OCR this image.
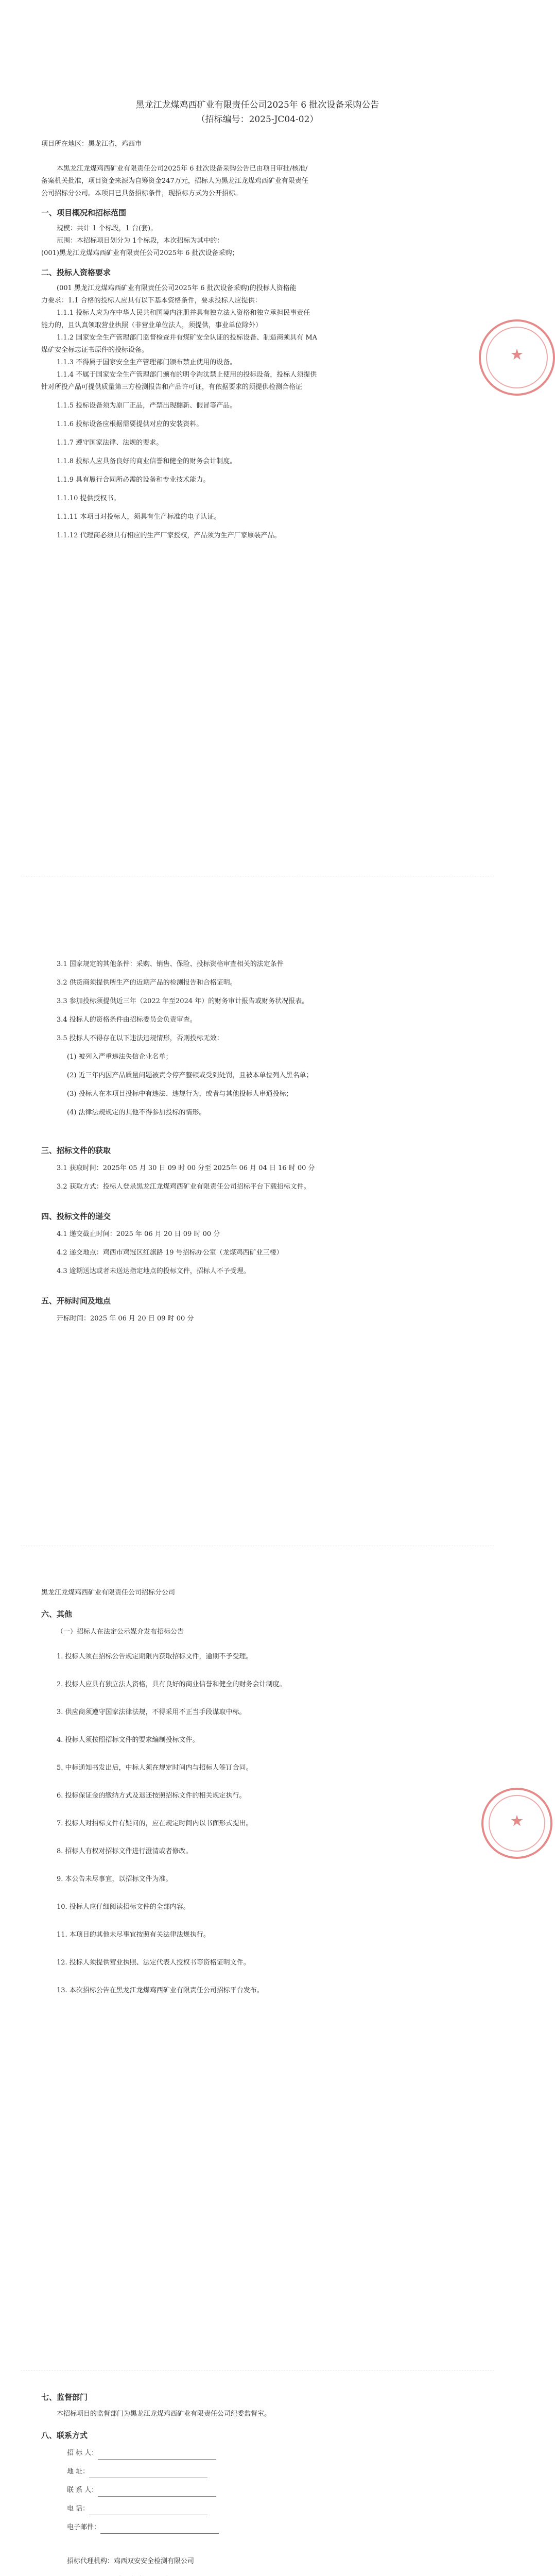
黑龙江龙煤鸡西矿业有限责任公司2025年 6 批次设备采购公告
（招标编号：2025-JC04-02）
项目所在地区：黑龙江省，鸡西市
本黑龙江龙煤鸡西矿业有限责任公司2025年 6 批次设备采购公告已由项目审批/核准/
备案机关批准，项目资金来源为自筹资金247万元，招标人为黑龙江龙煤鸡西矿业有限责任
公司招标分公司。本项目已具备招标条件，现招标方式为公开招标。
一、项目概况和招标范围
规模：共计 1 个标段，1 台(套)。
范围：本招标项目划分为 1个标段，本次招标为其中的：
(001)黑龙江龙煤鸡西矿业有限责任公司2025年 6 批次设备采购；
二、投标人资格要求
(001 黑龙江龙煤鸡西矿业有限责任公司2025年 6 批次设备采购)的投标人资格能
力要求：1.1 合格的投标人应具有以下基本资格条件，要求投标人应提供：
1.1.1 投标人应为在中华人民共和国境内注册并具有独立法人资格和独立承担民事责任
能力的，且认真领取营业执照（非营业单位法人，须提供，事业单位除外）
1.1.2 国家安全生产管理部门监督检查并有煤矿安全认证的投标设备、制造商须具有 MA
煤矿安全标志证书原件的投标设备。
1.1.3 不得属于国家安全生产管理部门颁布禁止使用的设备。
1.1.4 不属于国家安全生产管理部门颁布的明令淘汰禁止使用的投标设备，投标人须提供
针对所投产品可提供质量第三方检测报告和产品许可证，有依据要求的须提供检测合格证
1.1.5 投标设备须为原厂正品，严禁出现翻新、假冒等产品。
1.1.6 投标设备应根据需要提供对应的安装资料。
1.1.7 遵守国家法律、法规的要求。
1.1.8 投标人应具备良好的商业信誉和健全的财务会计制度。
1.1.9 具有履行合同所必需的设备和专业技术能力。
1.1.10 提供授权书。
1.1.11 本项目对投标人，须具有生产标准的电子认证。
1.1.12 代理商必须具有相应的生产厂家授权，产品须为生产厂家原装产品。
★
3.1 国家规定的其他条件：采购、销售、保险、投标资格审查相关的法定条件
3.2 供货商须提供所生产的近期产品的检测报告和合格证明。
3.3 参加投标须提供近三年（2022 年至2024 年）的财务审计报告或财务状况报表。
3.4 投标人的资格条件由招标委员会负责审查。
3.5 投标人不得存在以下违法违规情形，否则投标无效：
(1) 被列入严重违法失信企业名单；
(2) 近三年内因产品质量问题被责令停产整顿或受到处罚，且被本单位列入黑名单；
(3) 投标人在本项目投标中有违法、违规行为，或者与其他投标人串通投标；
(4) 法律法规规定的其他不得参加投标的情形。
三、招标文件的获取
3.1 获取时间：2025年 05 月 30 日 09 时 00 分至 2025年 06 月 04 日 16 时 00 分
3.2 获取方式：投标人登录黑龙江龙煤鸡西矿业有限责任公司招标平台下载招标文件。
四、投标文件的递交
4.1 递交截止时间：2025 年 06 月 20 日 09 时 00 分
4.2 递交地点：鸡西市鸡冠区红旗路 19 号招标办公室（龙煤鸡西矿业三楼）
4.3 逾期送达或者未送达指定地点的投标文件，招标人不予受理。
五、开标时间及地点
开标时间：2025 年 06 月 20 日 09 时 00 分
黑龙江龙煤鸡西矿业有限责任公司招标分公司
六、其他
（一）招标人在法定公示媒介发布招标公告
1. 投标人须在招标公告规定期限内获取招标文件，逾期不予受理。
2. 投标人应具有独立法人资格，具有良好的商业信誉和健全的财务会计制度。
3. 供应商须遵守国家法律法规，不得采用不正当手段谋取中标。
4. 投标人须按照招标文件的要求编制投标文件。
5. 中标通知书发出后，中标人须在规定时间内与招标人签订合同。
6. 投标保证金的缴纳方式及退还按照招标文件的相关规定执行。
7. 投标人对招标文件有疑问的，应在规定时间内以书面形式提出。
8. 招标人有权对招标文件进行澄清或者修改。
9. 本公告未尽事宜，以招标文件为准。
10. 投标人应仔细阅读招标文件的全部内容。
11. 本项目的其他未尽事宜按照有关法律法规执行。
12. 投标人须提供营业执照、法定代表人授权书等资格证明文件。
13. 本次招标公告在黑龙江龙煤鸡西矿业有限责任公司招标平台发布。
★
七、监督部门
本招标项目的监督部门为黑龙江龙煤鸡西矿业有限责任公司纪委监督室。
八、联系方式
招 标 人：
地 址：
联 系 人：
电 话：
电子邮件：
招标代理机构：鸡西双安安全检测有限公司
